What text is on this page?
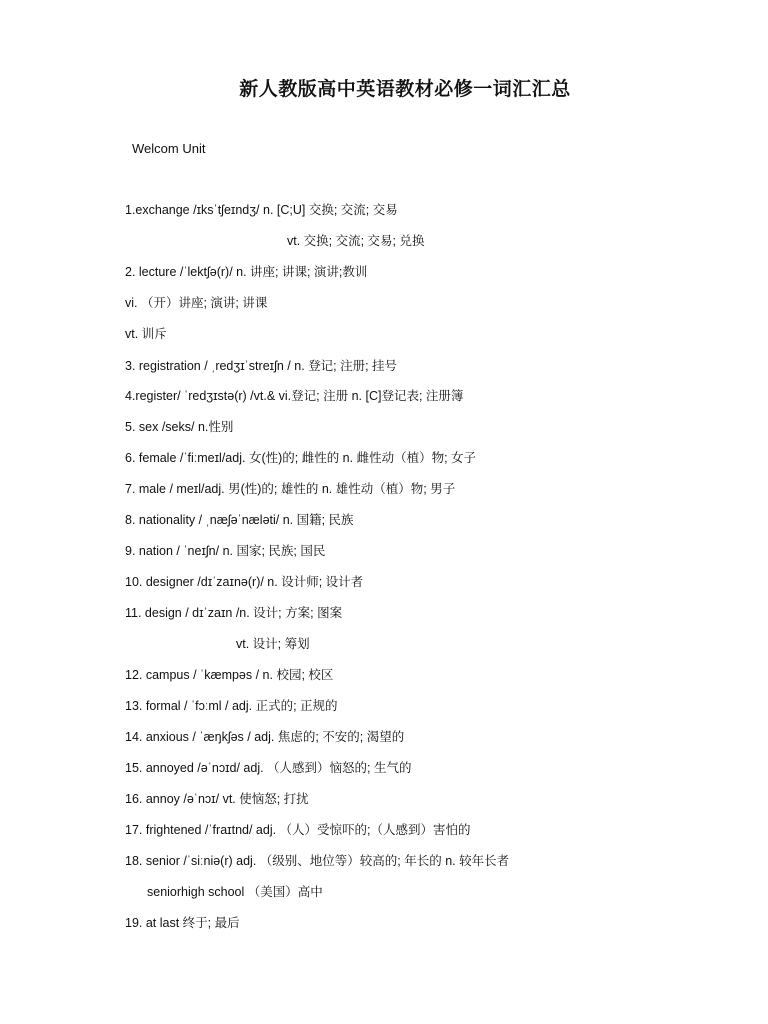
新人教版高中英语教材必修一词汇汇总
Welcom Unit
1.exchange /ɪksˈtʃeɪndʒ/ n. [C;U] 交换; 交流; 交易
vt. 交换; 交流; 交易; 兑换
2. lecture /ˈlektʃə(r)/ n. 讲座; 讲课; 演讲;教训
vi. （开）讲座; 演讲; 讲课
vt. 训斥
3. registration / ˌredʒɪˈstreɪʃn / n. 登记; 注册; 挂号
4.register/ ˈredʒɪstə(r) /vt.& vi.登记; 注册 n. [C]登记表; 注册簿
5. sex /seks/ n.性别
6. female /ˈfiːmeɪl/adj. 女(性)的; 雌性的 n. 雌性动（植）物; 女子
7. male / meɪl/adj. 男(性)的; 雄性的 n. 雄性动（植）物; 男子
8. nationality / ˌnæʃəˈnæləti/ n. 国籍; 民族
9. nation / ˈneɪʃn/ n. 国家; 民族; 国民
10. designer /dɪˈzaɪnə(r)/ n. 设计师; 设计者
11. design / dɪˈzaɪn /n. 设计; 方案; 图案
vt. 设计; 筹划
12. campus / ˈkæmpəs / n. 校园; 校区
13. formal / ˈfɔːml / adj. 正式的; 正规的
14. anxious / ˈæŋkʃəs / adj. 焦虑的; 不安的; 渴望的
15. annoyed /əˈnɔɪd/ adj. （人感到）恼怒的; 生气的
16. annoy /əˈnɔɪ/ vt. 使恼怒; 打扰
17. frightened /ˈfraɪtnd/ adj. （人）受惊吓的;（人感到）害怕的
18. senior /ˈsiːniə(r) adj. （级别、地位等）较高的; 年长的 n. 较年长者
seniorhigh school （美国）高中
19. at last 终于; 最后
